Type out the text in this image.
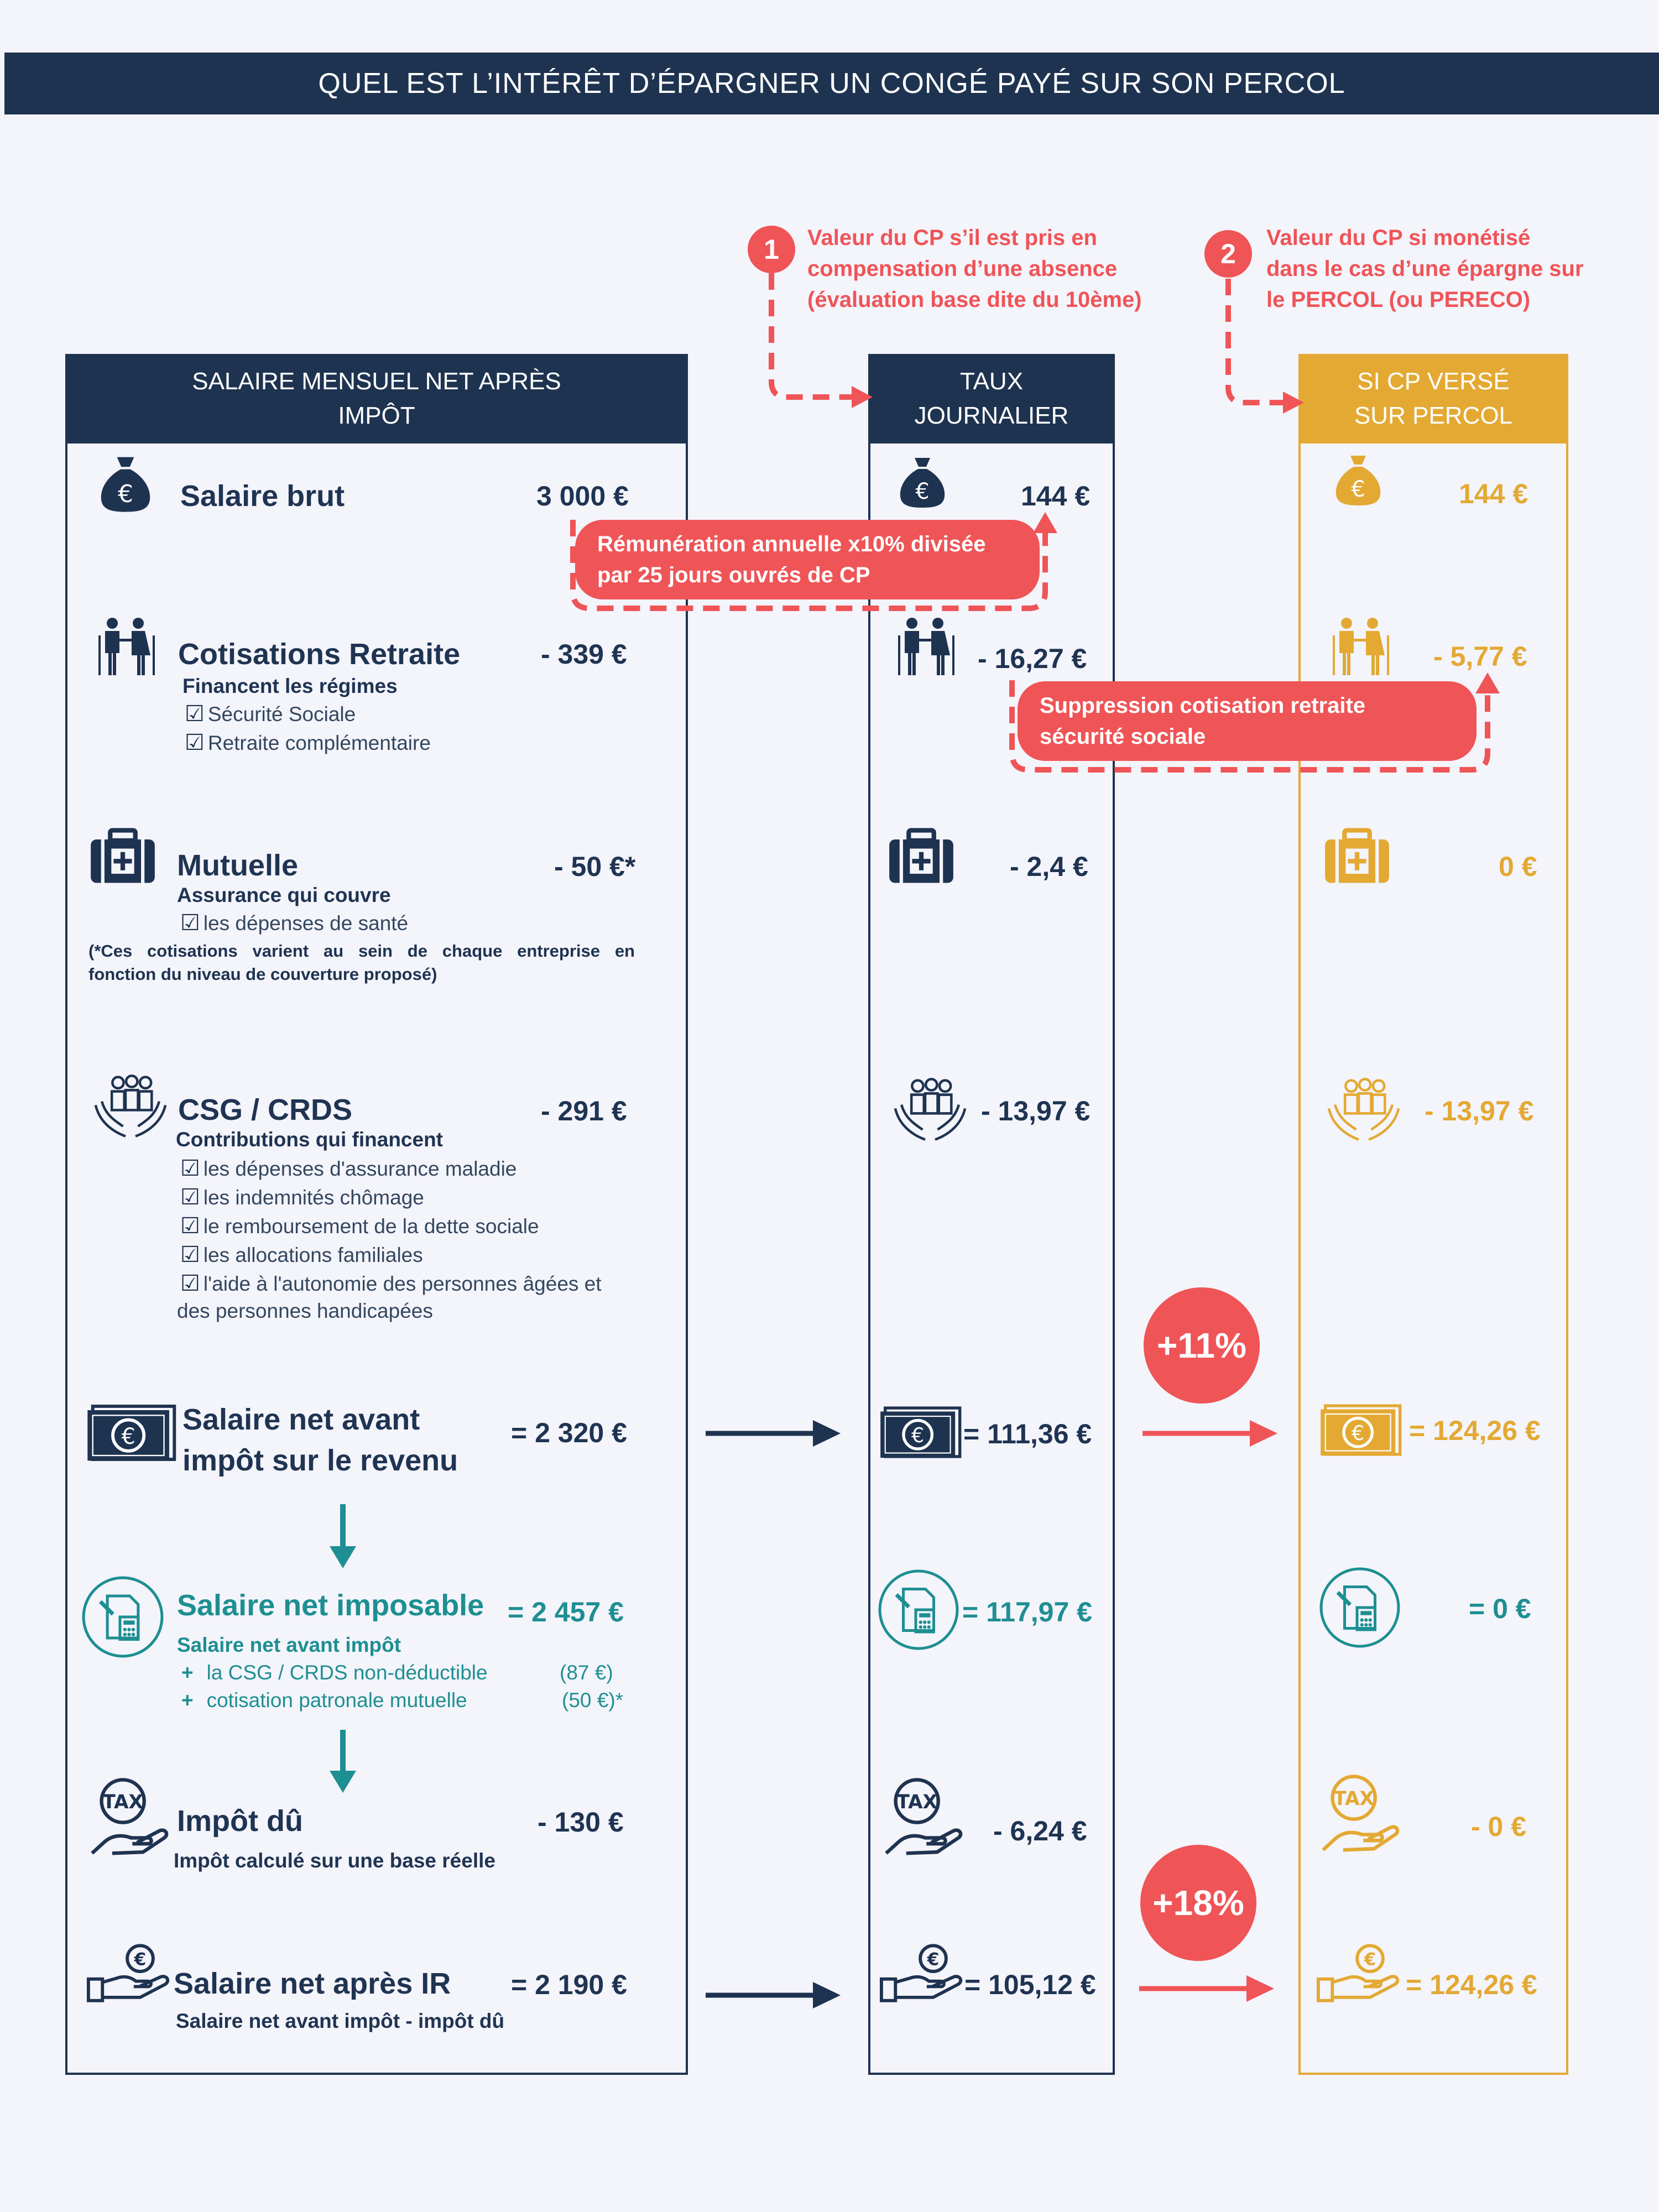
QUEL EST L’INTÉRÊT D’ÉPARGNER UN CONGÉ PAYÉ SUR SON PERCOL
1 Valeur du CP s’il est pris en
compensation d’une absence
(évaluation base dite du 10ème)
2
Valeur du CP si monétisé
dans le cas d’une épargne sur
le PERCOL (ou PERECO)
SALAIRE MENSUEL NET APRÈS
IMPÔT
TAUX
JOURNALIER
SI CP VERSÉ
SUR PERCOL
Rémunération annuelle x10% divisée
par 25 jours ouvrés de CP
Suppression cotisation retraite
sécurité sociale
+11%
+18%
Salaire brut	3 000 €	144 €	144 €
Cotisations Retraite
Financent les régimes
☑ Sécurité Sociale
☑ Retraite complémentaire
- 339 €	- 16,27 €	- 5,77 €
Mutuelle
Assurance qui couvre
☑ les dépenses de santé
(*Ces cotisations varient au sein de chaque entreprise en
fonction du niveau de couverture proposé)
- 50 €*	- 2,4 €	0 €
CSG / CRDS
Contributions qui financent
☑ les dépenses d'assurance maladie
☑ les indemnités chômage
☑ le remboursement de la dette sociale
☑ les allocations familiales
☑ l'aide à l'autonomie des personnes âgées et
des personnes handicapées
- 291 €	- 13,97 €	- 13,97 €
Salaire net avant
impôt sur le revenu
= 2 320 €	= 111,36 €	= 124,26 €
Salaire net imposable
Salaire net avant impôt
+ la CSG / CRDS non-déductible	(87 €)
+ cotisation patronale mutuelle	(50 €)*
= 2 457 €	= 117,97 €	= 0 €
Impôt dû
Impôt calculé sur une base réelle
- 130 €	- 6,24 €	- 0 €
Salaire net après IR
Salaire net avant impôt - impôt dû
= 2 190 €	= 105,12 €	= 124,26 €
